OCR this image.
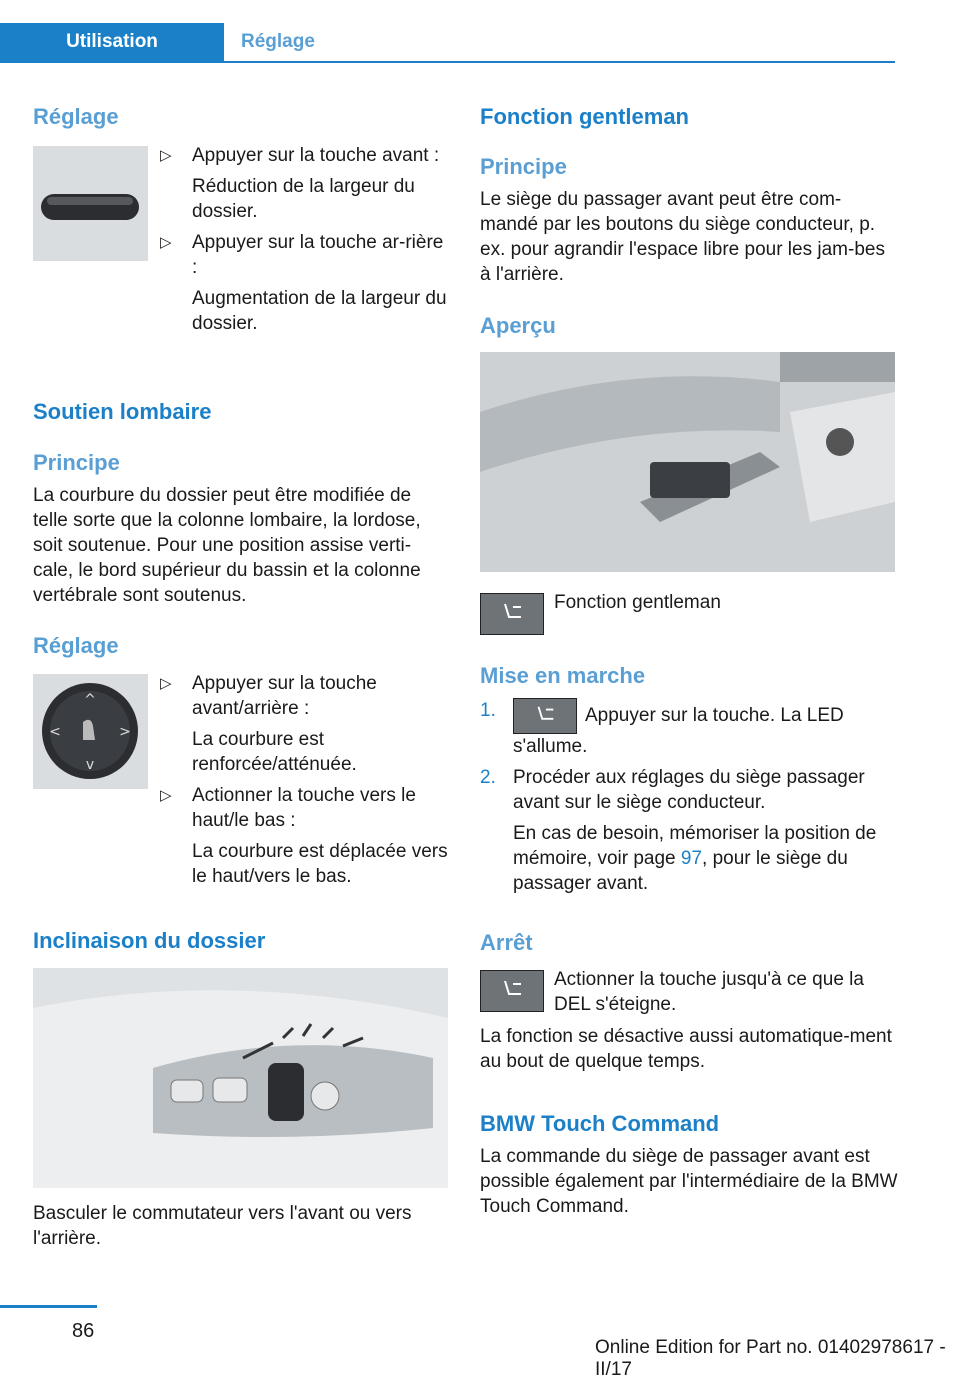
Utilisation	Réglage
Réglage
▷ Appuyer sur la touche avant :
Réduction de la largeur du dossier.
▷ Appuyer sur la touche ar‐rière :
Augmentation de la largeur du dossier.
Soutien lombaire
Principe

La courbure du dossier peut être modifiée de telle sorte que la colonne lombaire, la lordose, soit soutenue. Pour une position assise verti‐cale, le bord supérieur du bassin et la colonne vertébrale sont soutenus.

Réglage
^
v
<	>
▷ Appuyer sur la touche avant/arrière :
La courbure est renforcée/atténuée.
▷ Actionner la touche vers le haut/le bas :
La courbure est déplacée vers le haut/vers le bas.
Inclinaison du dossier

Basculer le commutateur vers l'avant ou vers l'arrière.

Fonction gentleman
Principe

Le siège du passager avant peut être com‐mandé par les boutons du siège conducteur, p. ex. pour agrandir l'espace libre pour les jam‐bes à l'arrière.

Aperçu
Fonction gentleman
Mise en marche
1.	Appuyer sur la touche. La LED s'allume.
2. Procéder aux réglages du siège passager avant sur le siège conducteur.
En cas de besoin, mémoriser la position de mémoire, voir page 97, pour le siège du passager avant.
Arrêt

Actionner la touche jusqu'à ce que la DEL s'éteigne.

La fonction se désactive aussi automatique‐ment au bout de quelque temps.

BMW Touch Command

La commande du siège de passager avant est possible également par l'intermédiaire de la BMW Touch Command.

86
Online Edition for Part no. 01402978617 - II/17
